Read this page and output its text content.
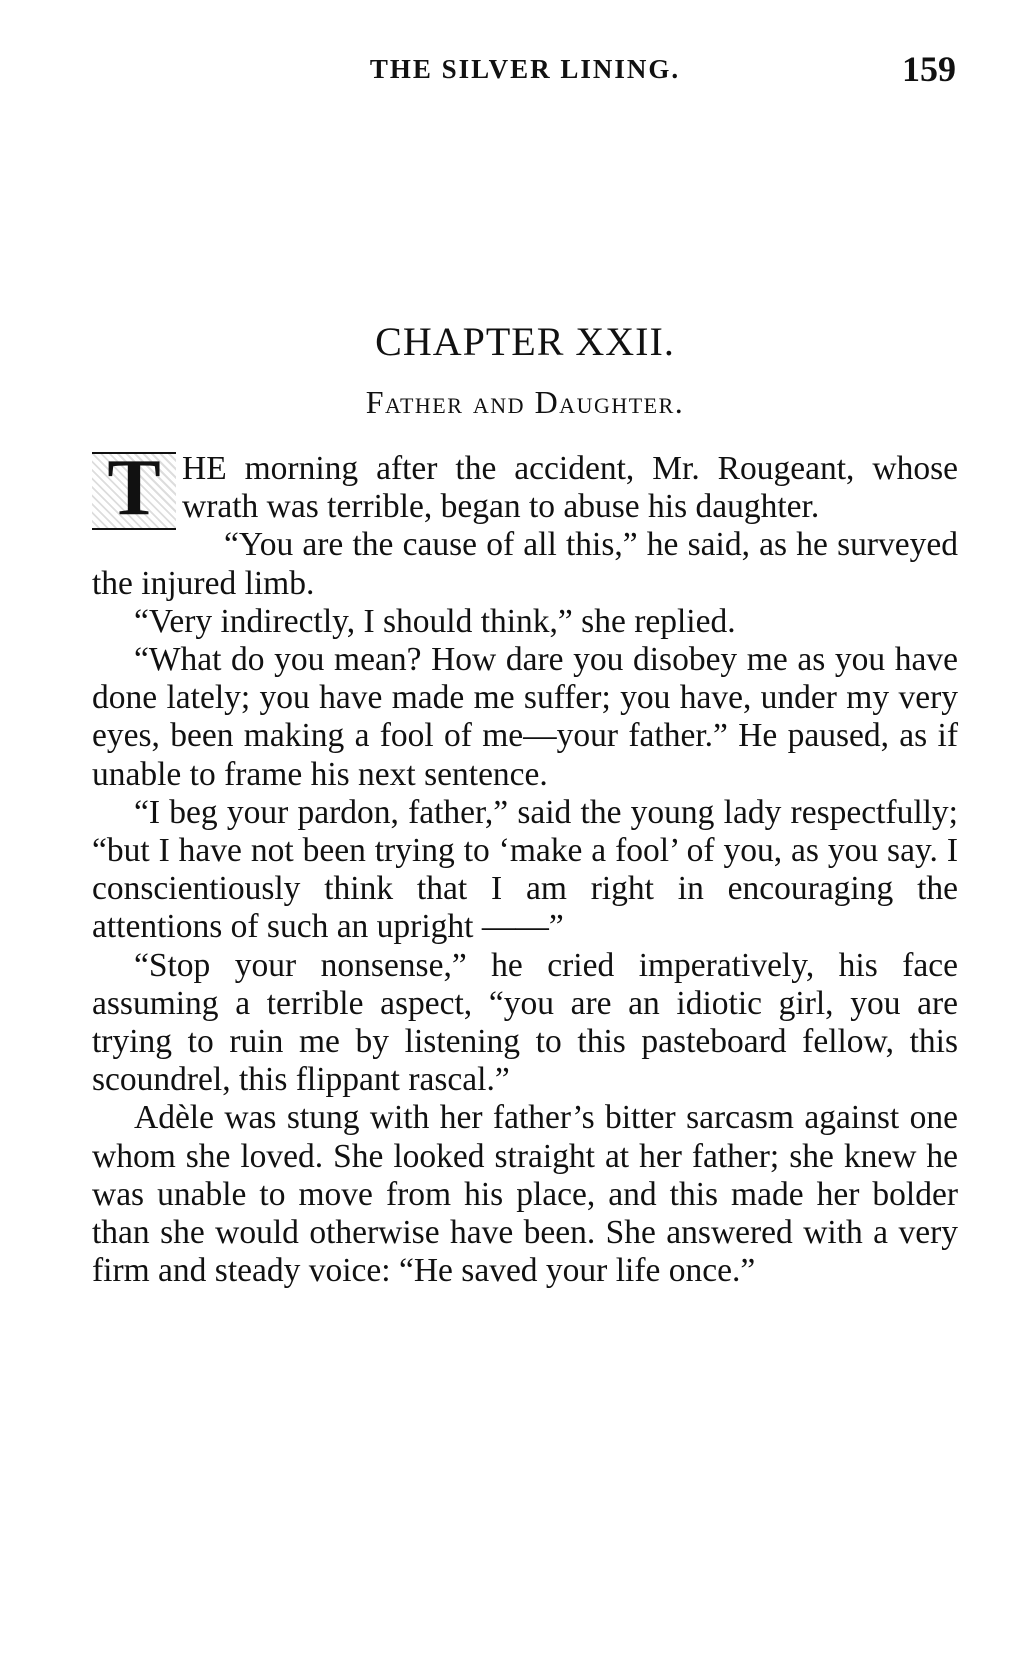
THE SILVER LINING.	159
CHAPTER XXII.
Father and Daughter.

T HE morning after the accident, Mr. Rougeant, whose wrath was terrible, began to abuse his daughter.

“You are the cause of all this,” he said, as he surveyed the injured limb.

“Very indirectly, I should think,” she replied.

“What do you mean? How dare you disobey me as you have done lately; you have made me suffer; you have, under my very eyes, been making a fool of me—your father.” He paused, as if unable to frame his next sentence.

“I beg your pardon, father,” said the young lady respectfully; “but I have not been trying to ‘make a fool’ of you, as you say. I conscientiously think that I am right in encouraging the attentions of such an upright ——”

“Stop your nonsense,” he cried imperatively, his face assuming a terrible aspect, “you are an idiotic girl, you are trying to ruin me by listening to this pasteboard fellow, this scoundrel, this flippant rascal.”

Adèle was stung with her father’s bitter sarcasm against one whom she loved. She looked straight at her father; she knew he was unable to move from his place, and this made her bolder than she would otherwise have been. She answered with a very firm and steady voice: “He saved your life once.”
